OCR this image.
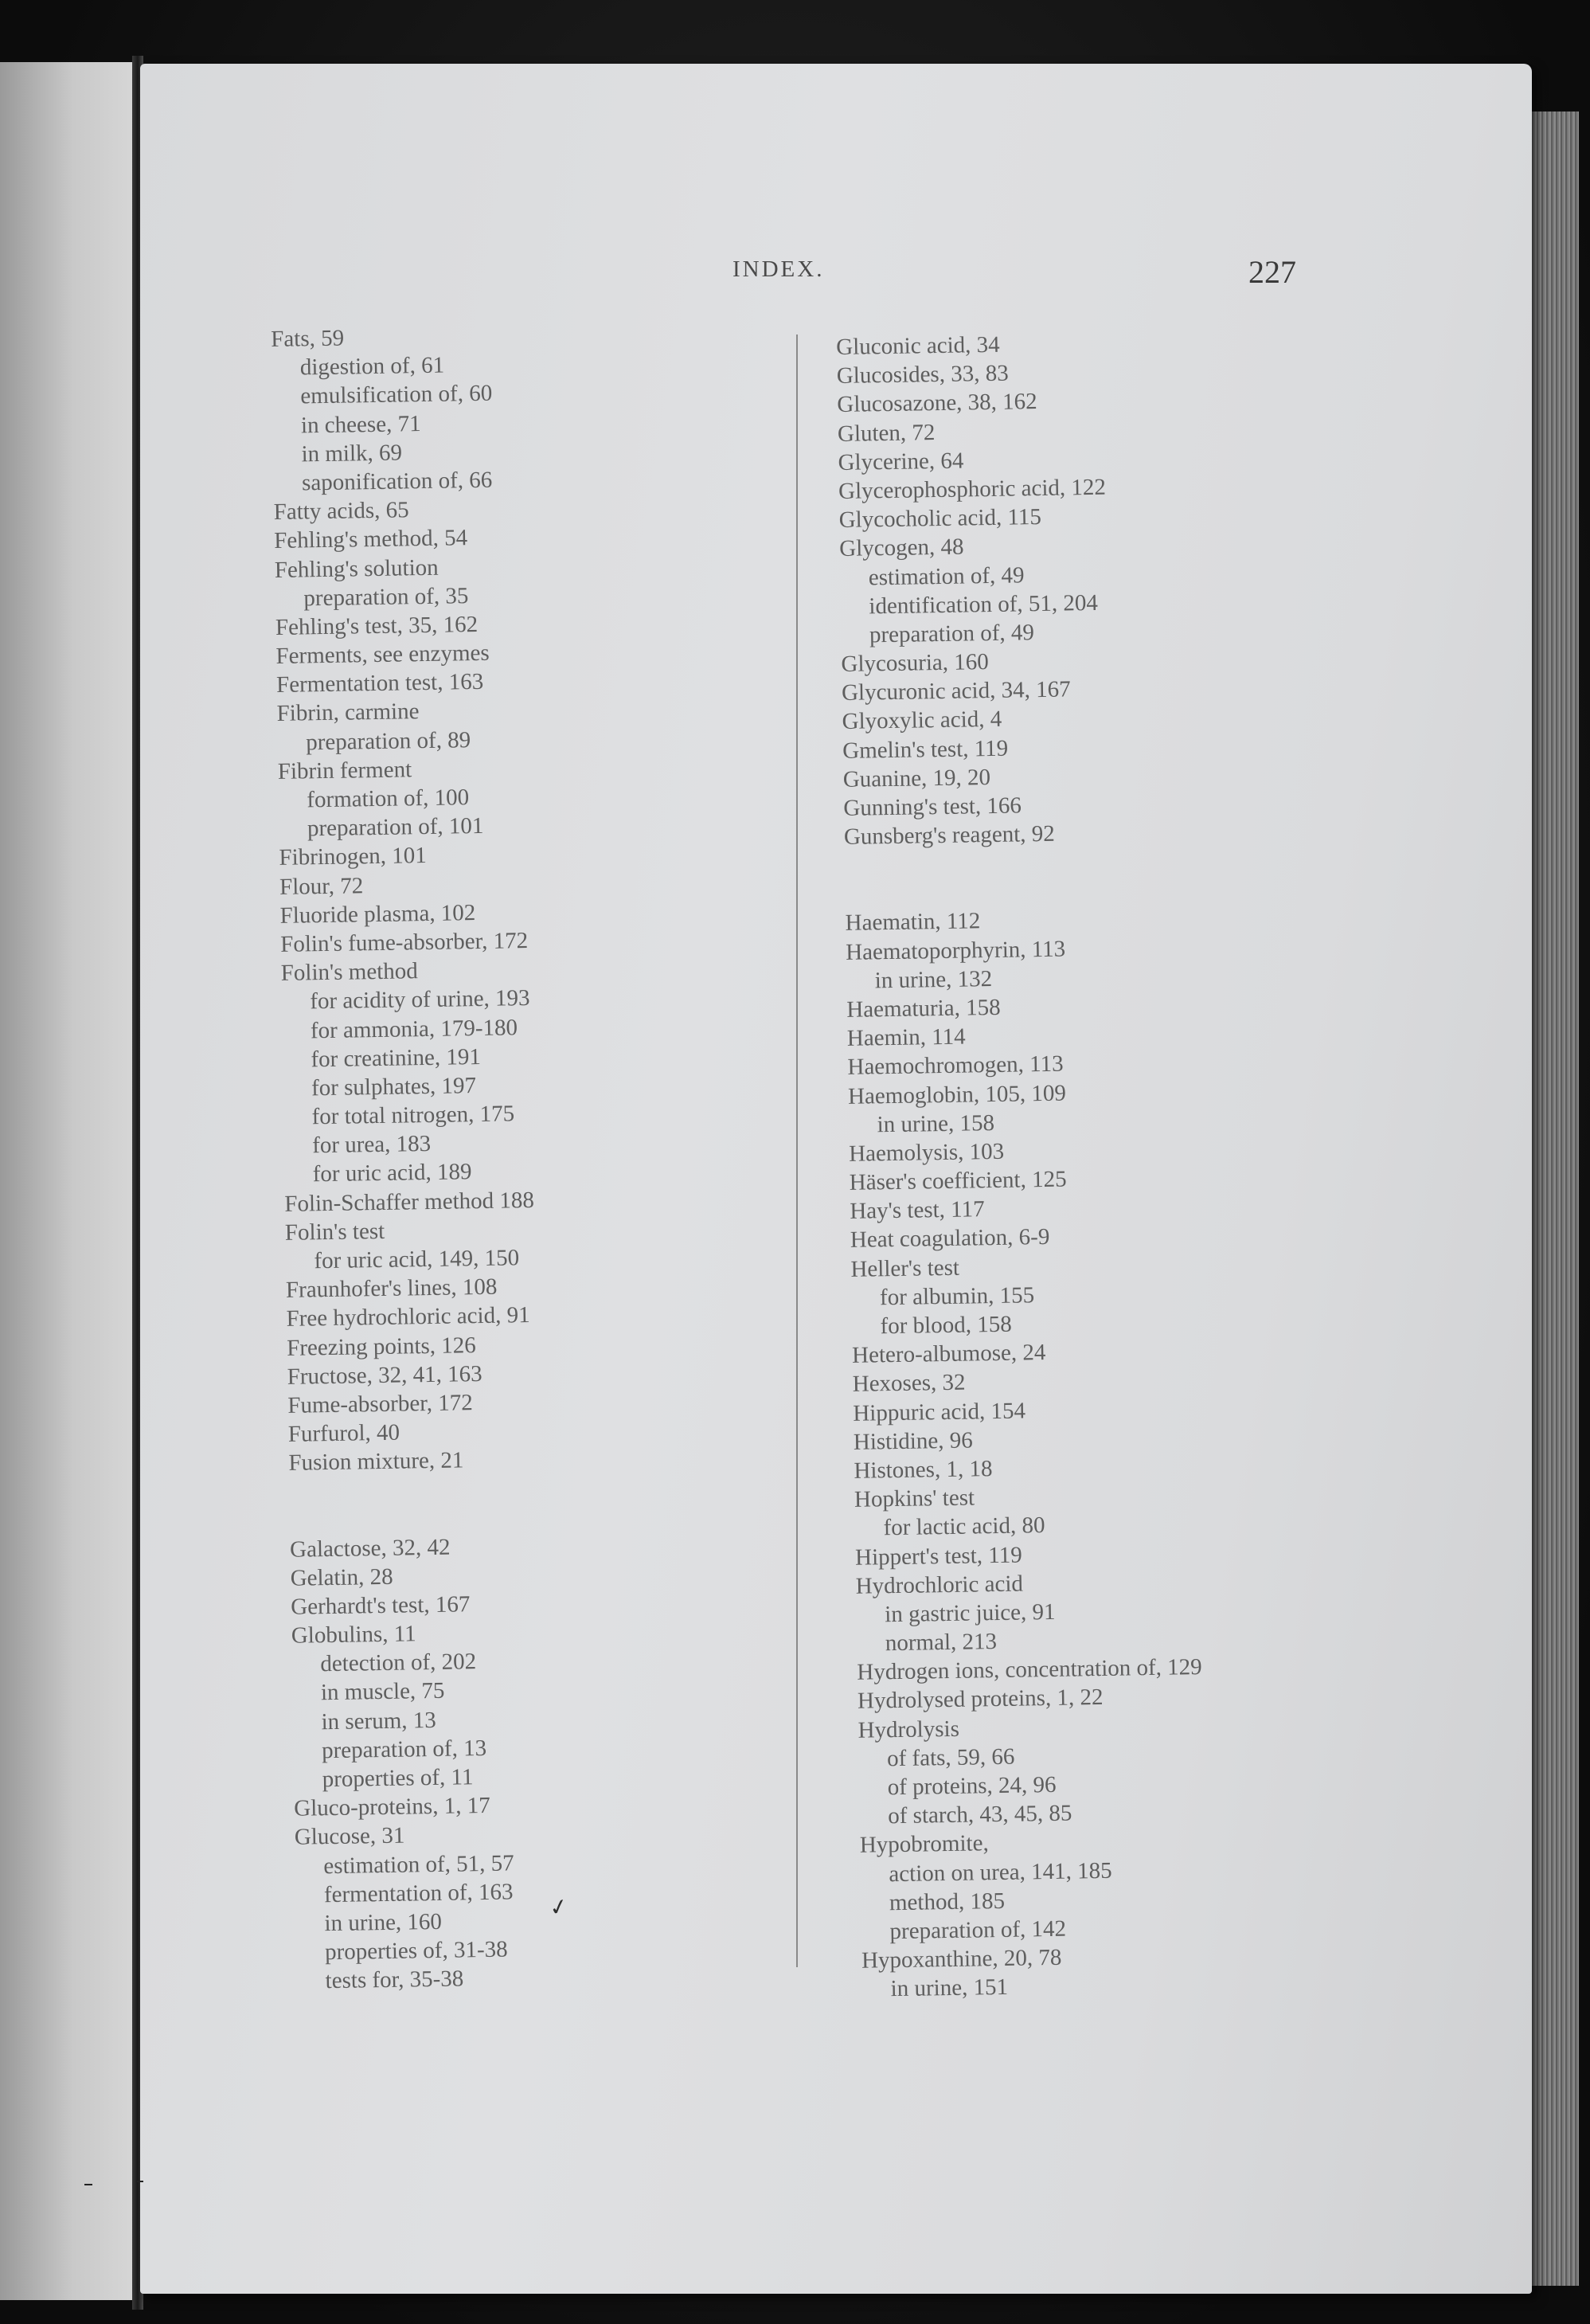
INDEX.	227
Fats, 59
digestion of, 61
emulsification of, 60
in cheese, 71
in milk, 69
saponification of, 66
Fatty acids, 65
Fehling's method, 54
Fehling's solution
preparation of, 35
Fehling's test, 35, 162
Ferments, see enzymes
Fermentation test, 163
Fibrin, carmine
preparation of, 89
Fibrin ferment
formation of, 100
preparation of, 101
Fibrinogen, 101
Flour, 72
Fluoride plasma, 102
Folin's fume-absorber, 172
Folin's method
for acidity of urine, 193
for ammonia, 179-180
for creatinine, 191
for sulphates, 197
for total nitrogen, 175
for urea, 183
for uric acid, 189
Folin-Schaffer method 188
Folin's test
for uric acid, 149, 150
Fraunhofer's lines, 108
Free hydrochloric acid, 91
Freezing points, 126
Fructose, 32, 41, 163
Fume-absorber, 172
Furfurol, 40
Fusion mixture, 21
Galactose, 32, 42
Gelatin, 28
Gerhardt's test, 167
Globulins, 11
detection of, 202
in muscle, 75
in serum, 13
preparation of, 13
properties of, 11
Gluco-proteins, 1, 17
Glucose, 31
estimation of, 51, 57
fermentation of, 163
in urine, 160
properties of, 31-38
tests for, 35-38
Gluconic acid, 34
Glucosides, 33, 83
Glucosazone, 38, 162
Gluten, 72
Glycerine, 64
Glycerophosphoric acid, 122
Glycocholic acid, 115
Glycogen, 48
estimation of, 49
identification of, 51, 204
preparation of, 49
Glycosuria, 160
Glycuronic acid, 34, 167
Glyoxylic acid, 4
Gmelin's test, 119
Guanine, 19, 20
Gunning's test, 166
Gunsberg's reagent, 92
Haematin, 112
Haematoporphyrin, 113
in urine, 132
Haematuria, 158
Haemin, 114
Haemochromogen, 113
Haemoglobin, 105, 109
in urine, 158
Haemolysis, 103
Häser's coefficient, 125
Hay's test, 117
Heat coagulation, 6-9
Heller's test
for albumin, 155
for blood, 158
Hetero-albumose, 24
Hexoses, 32
Hippuric acid, 154
Histidine, 96
Histones, 1, 18
Hopkins' test
for lactic acid, 80
Hippert's test, 119
Hydrochloric acid
in gastric juice, 91
normal, 213
Hydrogen ions, concentration of, 129
Hydrolysed proteins, 1, 22
Hydrolysis
of fats, 59, 66
of proteins, 24, 96
of starch, 43, 45, 85
Hypobromite,
action on urea, 141, 185
method, 185
preparation of, 142
Hypoxanthine, 20, 78
in urine, 151
✓
